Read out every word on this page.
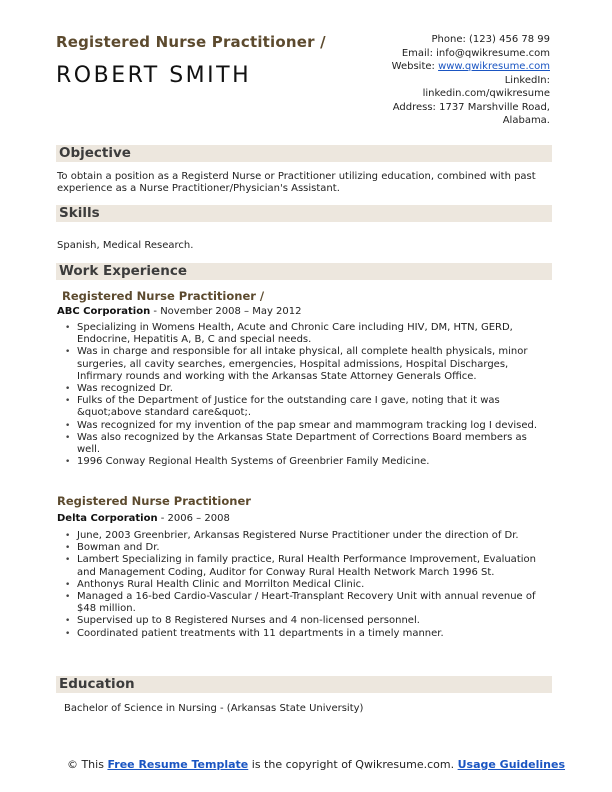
Registered Nurse Practitioner /
ROBERT SMITH
Phone: (123) 456 78 99
Email: info@qwikresume.com
Website: www.qwikresume.com
LinkedIn:
linkedin.com/qwikresume
Address: 1737 Marshville Road,
Alabama.
Objective
To obtain a position as a Registerd Nurse or Practitioner utilizing education, combined with past
experience as a Nurse Practitioner/Physician's Assistant.
Skills
Spanish, Medical Research.
Work Experience
Registered Nurse Practitioner /
ABC Corporation - November 2008 – May 2012
• Specializing in Womens Health, Acute and Chronic Care including HIV, DM, HTN, GERD, Endocrine, Hepatitis A, B, C and special needs.
• Was in charge and responsible for all intake physical, all complete health physicals, minor surgeries, all cavity searches, emergencies, Hospital admissions, Hospital Discharges, Infirmary rounds and working with the Arkansas State Attorney Generals Office.
• Was recognized Dr.
• Fulks of the Department of Justice for the outstanding care I gave, noting that it was &quot;above standard care&quot;.
• Was recognized for my invention of the pap smear and mammogram tracking log I devised.
• Was also recognized by the Arkansas State Department of Corrections Board members as well.
• 1996 Conway Regional Health Systems of Greenbrier Family Medicine.
Registered Nurse Practitioner
Delta Corporation - 2006 – 2008
• June, 2003 Greenbrier, Arkansas Registered Nurse Practitioner under the direction of Dr.
• Bowman and Dr.
• Lambert Specializing in family practice, Rural Health Performance Improvement, Evaluation and Management Coding, Auditor for Conway Rural Health Network March 1996 St.
• Anthonys Rural Health Clinic and Morrilton Medical Clinic.
• Managed a 16-bed Cardio-Vascular / Heart-Transplant Recovery Unit with annual revenue of $48 million.
• Supervised up to 8 Registered Nurses and 4 non-licensed personnel.
• Coordinated patient treatments with 11 departments in a timely manner.
Education
Bachelor of Science in Nursing - (Arkansas State University)
© This Free Resume Template is the copyright of Qwikresume.com. Usage Guidelines
